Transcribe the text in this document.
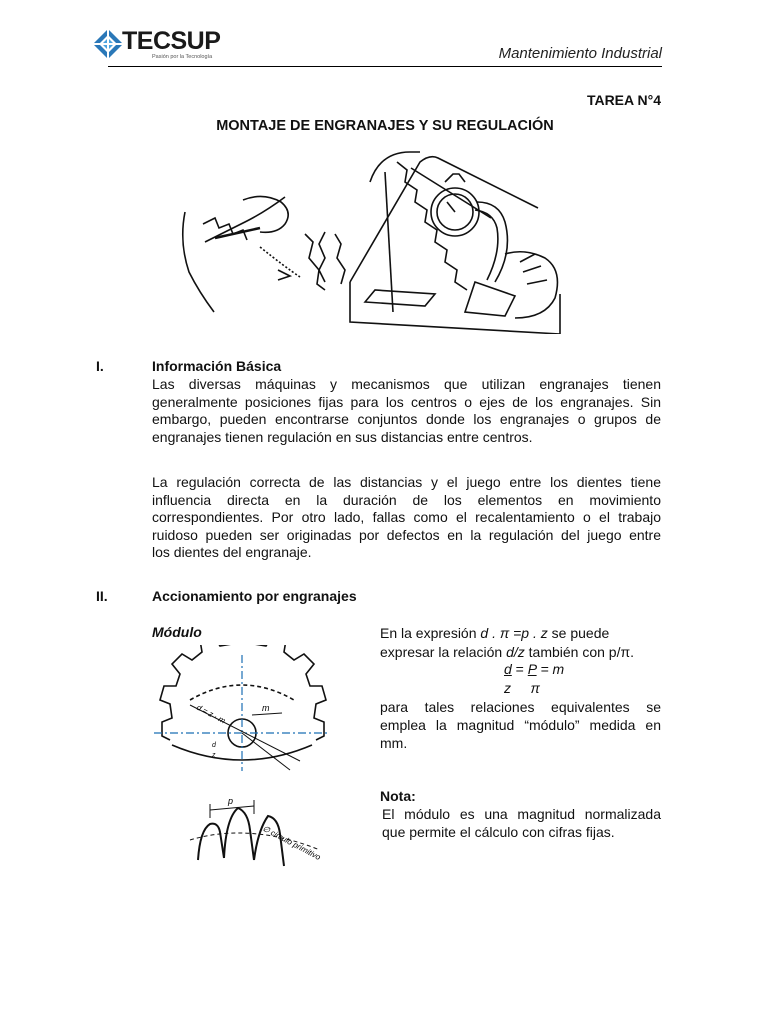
TECSUP
Pasión por la Tecnología	Mantenimiento Industrial
TAREA N°4
MONTAJE DE ENGRANAJES Y SU REGULACIÓN
I.	Información Básica
Las diversas máquinas y mecanismos que utilizan engranajes tienen
generalmente posiciones fijas para los centros o ejes de los engranajes. Sin
embargo, pueden encontrarse conjuntos donde los engranajes o grupos de
engranajes tienen regulación en sus distancias entre centros.
La regulación correcta de las distancias y el juego entre los dientes tiene
influencia directa en la duración de los elementos en movimiento
correspondientes. Por otro lado, fallas como el recalentamiento o el trabajo
ruidoso pueden ser originadas por defectos en la regulación del juego entre
los dientes del engranaje.
II.	Accionamiento por engranajes
Módulo
d = z · m	m
d
z
p
∅ circulo primitivo
En la expresión d . π =p . z se puede
expresar la relación d/z también con p/π.
d = P = m
z     π
para tales relaciones equivalentes se
emplea la magnitud “módulo” medida en
mm.
Nota:
El módulo es una magnitud normalizada
que permite el cálculo con cifras fijas.
